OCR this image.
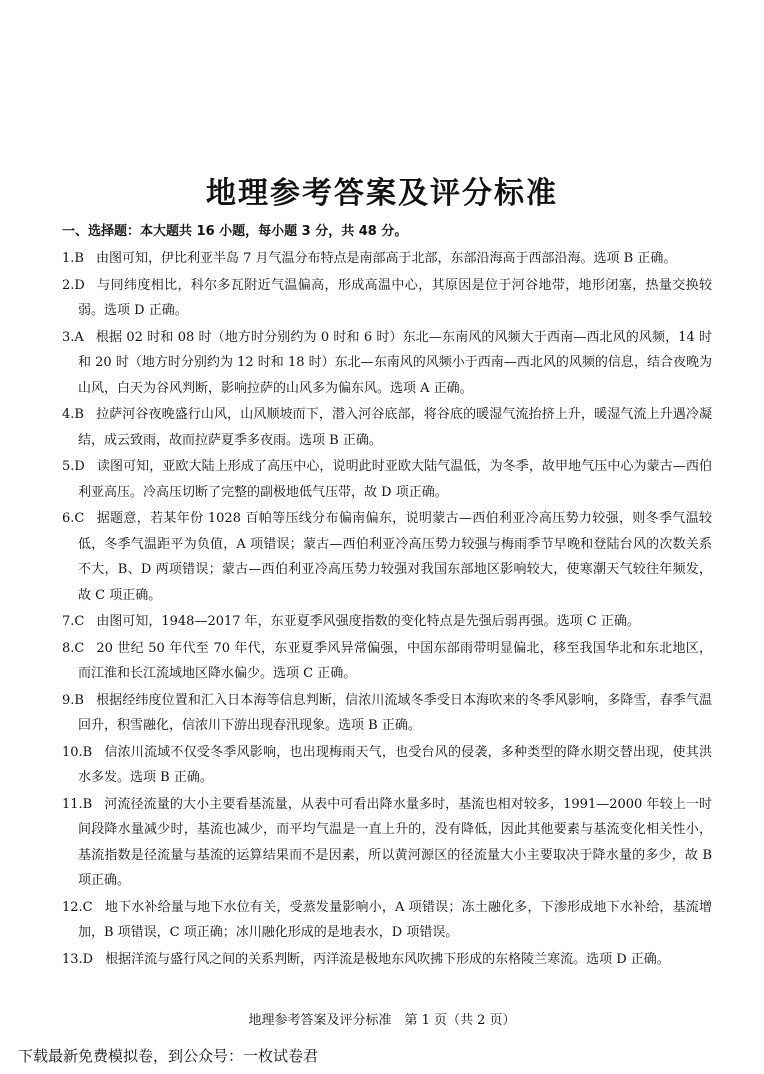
地理参考答案及评分标准
一、选择题：本大题共 16 小题，每小题 3 分，共 48 分。
1.B 由图可知，伊比利亚半岛 7 月气温分布特点是南部高于北部，东部沿海高于西部沿海。选项 B 正确。
2.D 与同纬度相比，科尔多瓦附近气温偏高，形成高温中心，其原因是位于河谷地带，地形闭塞，热量交换较弱。选项 D 正确。
3.A 根据 02 时和 08 时（地方时分别约为 0 时和 6 时）东北—东南风的风频大于西南—西北风的风频，14 时和 20 时（地方时分别约为 12 时和 18 时）东北—东南风的风频小于西南—西北风的风频的信息，结合夜晚为山风，白天为谷风判断，影响拉萨的山风多为偏东风。选项 A 正确。
4.B 拉萨河谷夜晚盛行山风，山风顺坡而下，潜入河谷底部，将谷底的暖湿气流抬挤上升，暖湿气流上升遇冷凝结，成云致雨，故而拉萨夏季多夜雨。选项 B 正确。
5.D 读图可知，亚欧大陆上形成了高压中心，说明此时亚欧大陆气温低，为冬季，故甲地气压中心为蒙古—西伯利亚高压。冷高压切断了完整的副极地低气压带，故 D 项正确。
6.C 据题意，若某年份 1028 百帕等压线分布偏南偏东，说明蒙古—西伯利亚冷高压势力较强，则冬季气温较低，冬季气温距平为负值，A 项错误；蒙古—西伯利亚冷高压势力较强与梅雨季节早晚和登陆台风的次数关系不大，B、D 两项错误；蒙古—西伯利亚冷高压势力较强对我国东部地区影响较大，使寒潮天气较往年频发，故 C 项正确。
7.C 由图可知，1948—2017 年，东亚夏季风强度指数的变化特点是先强后弱再强。选项 C 正确。
8.C 20 世纪 50 年代至 70 年代，东亚夏季风异常偏强，中国东部雨带明显偏北，移至我国华北和东北地区，而江淮和长江流域地区降水偏少。选项 C 正确。
9.B 根据经纬度位置和汇入日本海等信息判断，信浓川流域冬季受日本海吹来的冬季风影响，多降雪，春季气温回升，积雪融化，信浓川下游出现春汛现象。选项 B 正确。
10.B 信浓川流域不仅受冬季风影响，也出现梅雨天气，也受台风的侵袭，多种类型的降水期交替出现，使其洪水多发。选项 B 正确。
11.B 河流径流量的大小主要看基流量，从表中可看出降水量多时，基流也相对较多，1991—2000 年较上一时间段降水量减少时，基流也减少，而平均气温是一直上升的，没有降低，因此其他要素与基流变化相关性小，基流指数是径流量与基流的运算结果而不是因素，所以黄河源区的径流量大小主要取决于降水量的多少，故 B 项正确。
12.C 地下水补给量与地下水位有关，受蒸发量影响小，A 项错误；冻土融化多，下渗形成地下水补给，基流增加，B 项错误，C 项正确；冰川融化形成的是地表水，D 项错误。
13.D 根据洋流与盛行风之间的关系判断，丙洋流是极地东风吹拂下形成的东格陵兰寒流。选项 D 正确。
地理参考答案及评分标准　第 1 页（共 2 页）
下载最新免费模拟卷，到公众号：一枚试卷君
